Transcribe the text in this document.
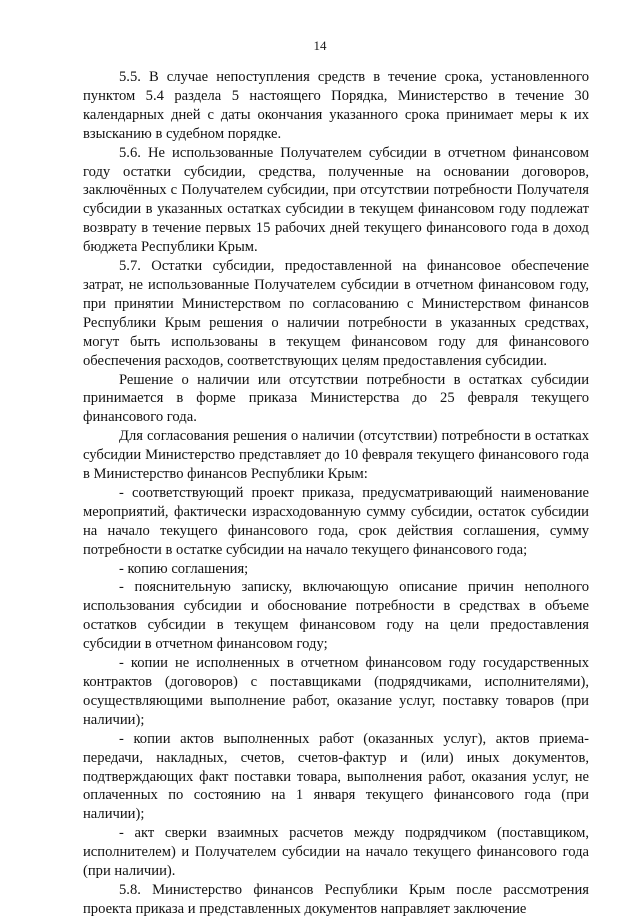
14

5.5. В случае непоступления средств в течение срока, установленного пунктом 5.4 раздела 5 настоящего Порядка, Министерство в течение 30 календарных дней с даты окончания указанного срока принимает меры к их взысканию в судебном порядке.

5.6. Не использованные Получателем субсидии в отчетном финансовом году остатки субсидии, средства, полученные на основании договоров, заключённых с Получателем субсидии, при отсутствии потребности Получателя субсидии в указанных остатках субсидии в текущем финансовом году подлежат возврату в течение первых 15 рабочих дней текущего финансового года в доход бюджета Республики Крым.

5.7. Остатки субсидии, предоставленной на финансовое обеспечение затрат, не использованные Получателем субсидии в отчетном финансовом году, при принятии Министерством по согласованию с Министерством финансов Республики Крым решения о наличии потребности в указанных средствах, могут быть использованы в текущем финансовом году для финансового обеспечения расходов, соответствующих целям предоставления субсидии.

Решение о наличии или отсутствии потребности в остатках субсидии принимается в форме приказа Министерства до 25 февраля текущего финансового года.

Для согласования решения о наличии (отсутствии) потребности в остатках субсидии Министерство представляет до 10 февраля текущего финансового года в Министерство финансов Республики Крым:

- соответствующий проект приказа, предусматривающий наименование мероприятий, фактически израсходованную сумму субсидии, остаток субсидии на начало текущего финансового года, срок действия соглашения, сумму потребности в остатке субсидии на начало текущего финансового года;

- копию соглашения;

- пояснительную записку, включающую описание причин неполного использования субсидии и обоснование потребности в средствах в объеме остатков субсидии в текущем финансовом году на цели предоставления субсидии в отчетном финансовом году;

- копии не исполненных в отчетном финансовом году государственных контрактов (договоров) с поставщиками (подрядчиками, исполнителями), осуществляющими выполнение работ, оказание услуг, поставку товаров (при наличии);

- копии актов выполненных работ (оказанных услуг), актов приема-передачи, накладных, счетов, счетов-фактур и (или) иных документов, подтверждающих факт поставки товара, выполнения работ, оказания услуг, не оплаченных по состоянию на 1 января текущего финансового года (при наличии);

- акт сверки взаимных расчетов между подрядчиком (поставщиком, исполнителем) и Получателем субсидии на начало текущего финансового года (при наличии).

5.8. Министерство финансов Республики Крым после рассмотрения проекта приказа и представленных документов направляет заключение
